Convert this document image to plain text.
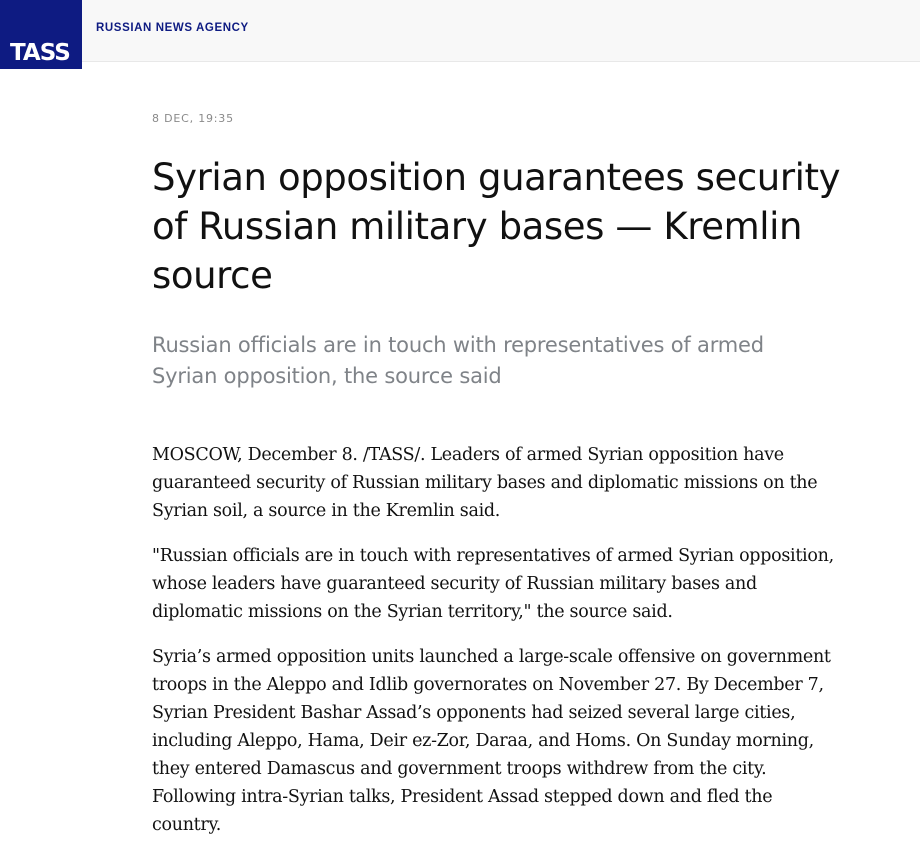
TASS
RUSSIAN NEWS AGENCY
8 DEC, 19:35
Syrian opposition guarantees security of Russian military bases — Kremlin source

Russian officials are in touch with representatives of armed Syrian opposition, the source said

MOSCOW, December 8. /TASS/. Leaders of armed Syrian opposition have guaranteed security of Russian military bases and diplomatic missions on the Syrian soil, a source in the Kremlin said.

"Russian officials are in touch with representatives of armed Syrian opposition, whose leaders have guaranteed security of Russian military bases and diplomatic missions on the Syrian territory," the source said.

Syria’s armed opposition units launched a large-scale offensive on government troops in the Aleppo and Idlib governorates on November 27. By December 7, Syrian President Bashar Assad’s opponents had seized several large cities, including Aleppo, Hama, Deir ez-Zor, Daraa, and Homs. On Sunday morning, they entered Damascus and government troops withdrew from the city. Following intra-Syrian talks, President Assad stepped down and fled the country.
